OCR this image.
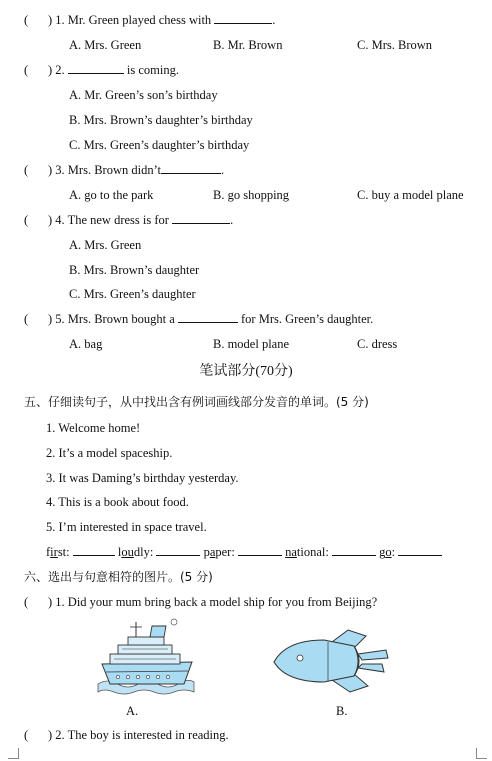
( ) 1. Mr. Green played chess with	.
A. Mrs. Green	B. Mr. Brown	C. Mrs. Brown
( ) 2.	is coming.
A. Mr. Green’s son’s birthday
B. Mrs. Brown’s daughter’s birthday
C. Mrs. Green’s daughter’s birthday
( ) 3. Mrs. Brown didn’t	.
A. go to the park	B. go shopping	C. buy a model plane
( ) 4. The new dress is for	.
A. Mrs. Green
B. Mrs. Brown’s daughter
C. Mrs. Green’s daughter
( ) 5. Mrs. Brown bought a	for Mrs. Green’s daughter.
A. bag	B. model plane	C. dress
笔试部分(70分)
五、仔细读句子，从中找出含有例词画线部分发音的单词。(5 分)
1. Welcome home!
2. It’s a model spaceship.
3. It was Daming’s birthday yesterday.
4. This is a book about food.
5. I’m interested in space travel.
first:	loudly:	paper:	national:	go:
六、选出与句意相符的图片。(5 分)
( ) 1. Did your mum bring back a model ship for you from Beijing?
A.	B.
( ) 2. The boy is interested in reading.
